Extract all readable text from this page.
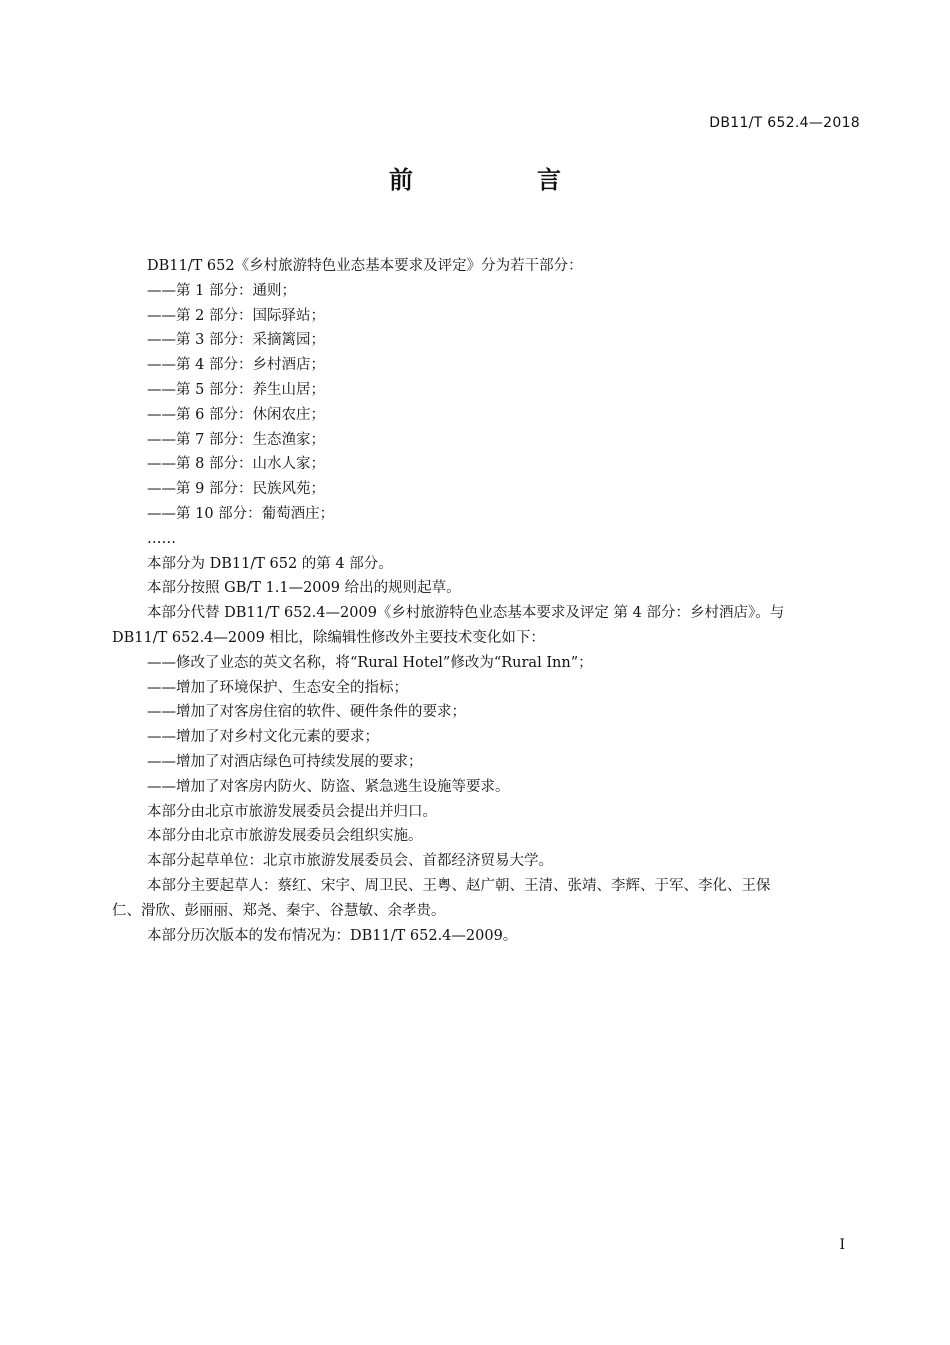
DB11/T 652.4—2018
前　言
DB11/T 652《乡村旅游特色业态基本要求及评定》分为若干部分：
——第 1 部分：通则；
——第 2 部分：国际驿站；
——第 3 部分：采摘篱园；
——第 4 部分：乡村酒店；
——第 5 部分：养生山居；
——第 6 部分：休闲农庄；
——第 7 部分：生态渔家；
——第 8 部分：山水人家；
——第 9 部分：民族风苑；
——第 10 部分：葡萄酒庄；
……
本部分为 DB11/T 652 的第 4 部分。
本部分按照 GB/T 1.1—2009 给出的规则起草。
本部分代替 DB11/T 652.4—2009《乡村旅游特色业态基本要求及评定 第 4 部分：乡村酒店》。与
DB11/T 652.4—2009 相比，除编辑性修改外主要技术变化如下：
——修改了业态的英文名称，将“Rural Hotel”修改为“Rural Inn”；
——增加了环境保护、生态安全的指标；
——增加了对客房住宿的软件、硬件条件的要求；
——增加了对乡村文化元素的要求；
——增加了对酒店绿色可持续发展的要求；
——增加了对客房内防火、防盗、紧急逃生设施等要求。
本部分由北京市旅游发展委员会提出并归口。
本部分由北京市旅游发展委员会组织实施。
本部分起草单位：北京市旅游发展委员会、首都经济贸易大学。
本部分主要起草人：蔡红、宋宇、周卫民、王粤、赵广朝、王清、张靖、李辉、于军、李化、王保
仁、滑欣、彭丽丽、郑尧、秦宇、谷慧敏、余孝贵。
本部分历次版本的发布情况为：DB11/T 652.4—2009。
I
